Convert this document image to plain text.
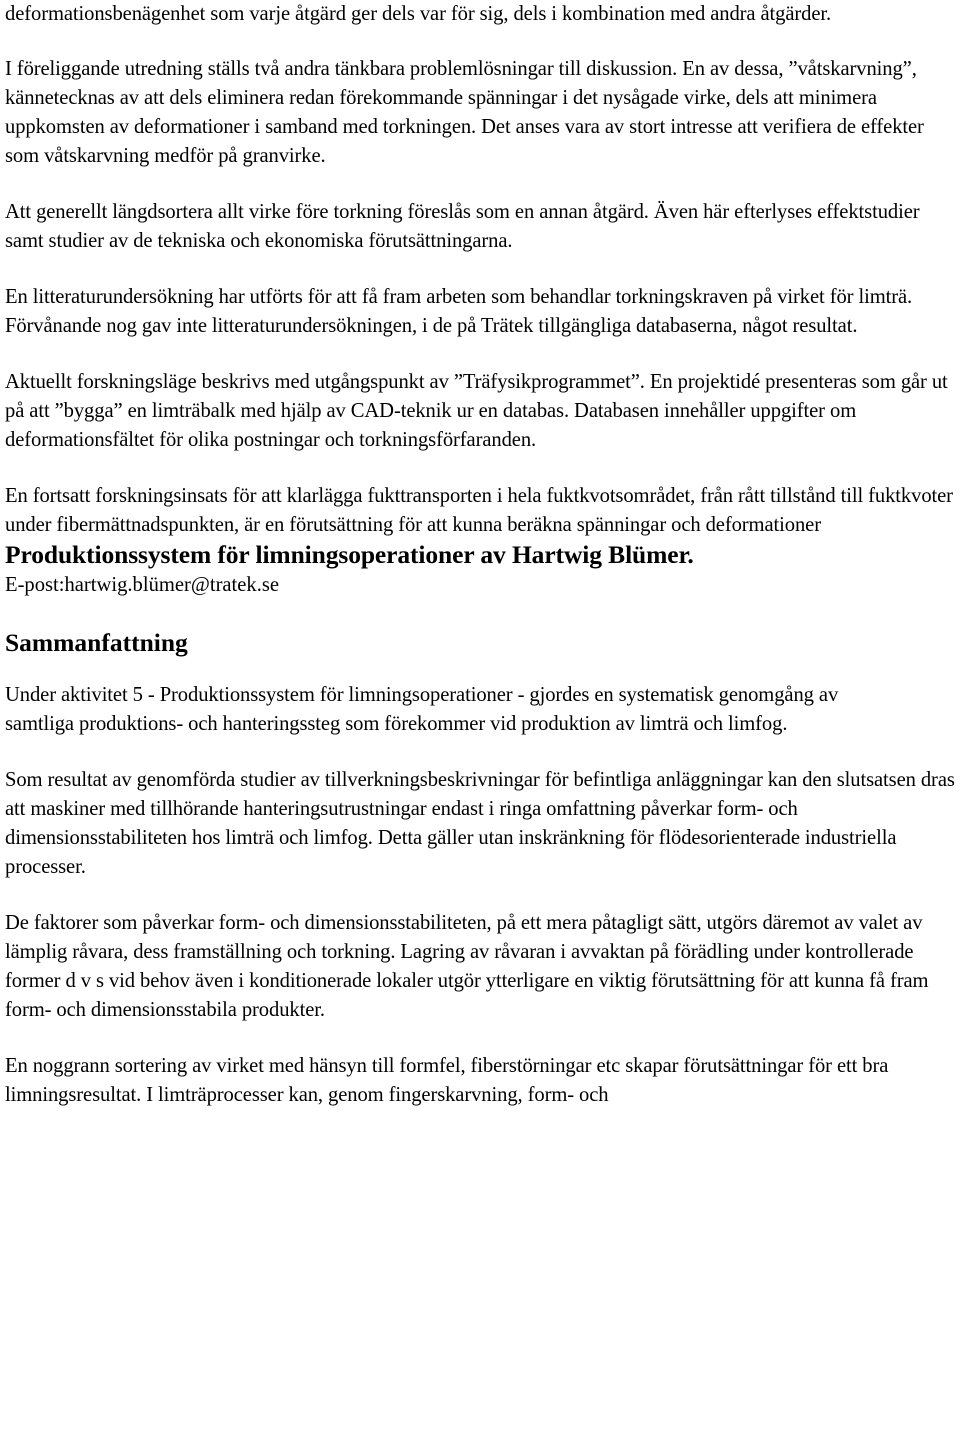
deformationsbenägenhet som varje åtgärd ger dels var för sig, dels i kombination med andra åtgärder.

I föreliggande utredning ställs två andra tänkbara problemlösningar till diskussion. En av dessa, ”våtskarvning”, kännetecknas av att dels eliminera redan förekommande spänningar i det nysågade virke, dels att minimera uppkomsten av deformationer i samband med torkningen. Det anses vara av stort intresse att verifiera de effekter som våtskarvning medför på granvirke.

Att generellt längdsortera allt virke före torkning föreslås som en annan åtgärd. Även här efterlyses effektstudier samt studier av de tekniska och ekonomiska förutsättningarna.

En litteraturundersökning har utförts för att få fram arbeten som behandlar torkningskraven på virket för limträ. Förvånande nog gav inte litteraturundersökningen, i de på Trätek tillgängliga databaserna, något resultat.

Aktuellt forskningsläge beskrivs med utgångspunkt av ”Träfysikprogrammet”. En projektidé presenteras som går ut på att ”bygga” en limträbalk med hjälp av CAD-teknik ur en databas. Databasen innehåller uppgifter om deformationsfältet för olika postningar och torkningsförfaranden.

En fortsatt forskningsinsats för att klarlägga fukttransporten i hela fuktkvotsområdet, från rått tillstånd till fuktkvoter under fibermättnadspunkten, är en förutsättning för att kunna beräkna spänningar och deformationer

Produktionssystem för limningsoperationer av Hartwig Blümer.

E-post:hartwig.blümer@tratek.se

Sammanfattning

Under aktivitet 5 - Produktionssystem för limningsoperationer - gjordes en systematisk genomgång av samtliga produktions- och hanteringssteg som förekommer vid produktion av limträ och limfog.

Som resultat av genomförda studier av tillverkningsbeskrivningar för befintliga anläggningar kan den slutsatsen dras att maskiner med tillhörande hanteringsutrustningar endast i ringa omfattning påverkar form- och dimensionsstabiliteten hos limträ och limfog. Detta gäller utan inskränkning för flödesorienterade industriella processer.

De faktorer som påverkar form- och dimensionsstabiliteten, på ett mera påtagligt sätt, utgörs däremot av valet av lämplig råvara, dess framställning och torkning. Lagring av råvaran i avvaktan på förädling under kontrollerade former d v s vid behov även i konditionerade lokaler utgör ytterligare en viktig förutsättning för att kunna få fram form- och dimensionsstabila produkter.

En noggrann sortering av virket med hänsyn till formfel, fiberstörningar etc skapar förutsättningar för ett bra limningsresultat. I limträprocesser kan, genom fingerskarvning, form- och
